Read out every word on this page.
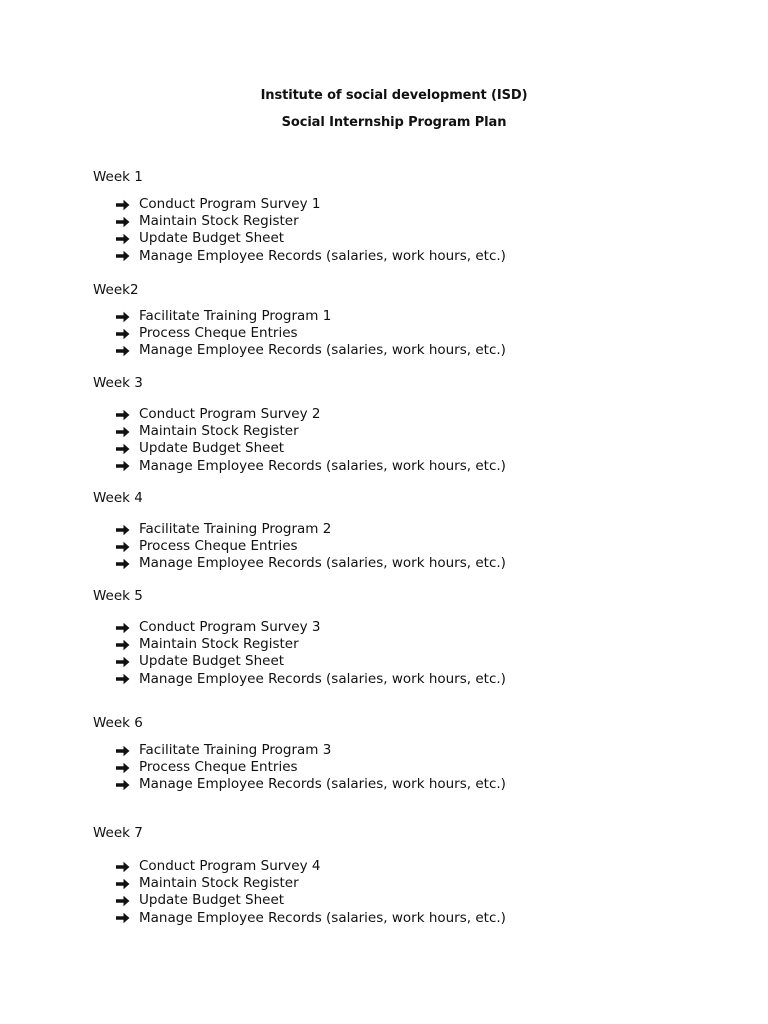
Institute of social development (ISD)
Social Internship Program Plan
Week 1
Conduct Program Survey 1
Maintain Stock Register
Update Budget Sheet
Manage Employee Records (salaries, work hours, etc.)
Week2
Facilitate Training Program 1
Process Cheque Entries
Manage Employee Records (salaries, work hours, etc.)
Week 3
Conduct Program Survey 2
Maintain Stock Register
Update Budget Sheet
Manage Employee Records (salaries, work hours, etc.)
Week 4
Facilitate Training Program 2
Process Cheque Entries
Manage Employee Records (salaries, work hours, etc.)
Week 5
Conduct Program Survey 3
Maintain Stock Register
Update Budget Sheet
Manage Employee Records (salaries, work hours, etc.)
Week 6
Facilitate Training Program 3
Process Cheque Entries
Manage Employee Records (salaries, work hours, etc.)
Week 7
Conduct Program Survey 4
Maintain Stock Register
Update Budget Sheet
Manage Employee Records (salaries, work hours, etc.)
